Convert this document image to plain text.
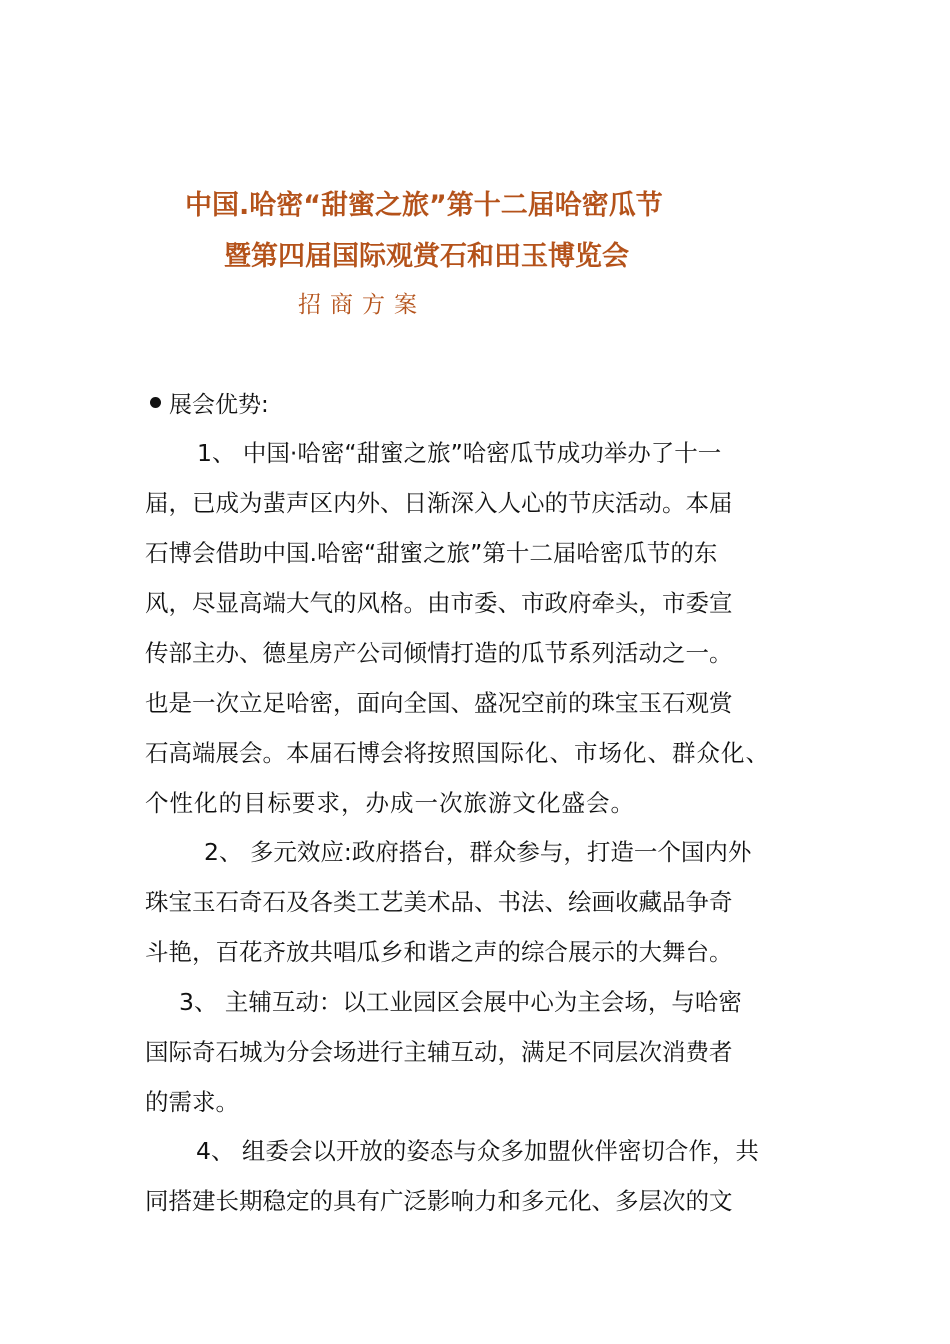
中国.哈密“甜蜜之旅”第十二届哈密瓜节
暨第四届国际观赏石和田玉博览会
招商方案
展会优势:
1、 中国·哈密“甜蜜之旅”哈密瓜节成功举办了十一
届，已成为蜚声区内外、日渐深入人心的节庆活动。本届
石博会借助中国.哈密“甜蜜之旅”第十二届哈密瓜节的东
风，尽显高端大气的风格。由市委、市政府牵头，市委宣
传部主办、德星房产公司倾情打造的瓜节系列活动之一。
也是一次立足哈密，面向全国、盛况空前的珠宝玉石观赏
石高端展会。本届石博会将按照国际化、市场化、群众化、
个性化的目标要求，办成一次旅游文化盛会。
2、 多元效应:政府搭台，群众参与，打造一个国内外
珠宝玉石奇石及各类工艺美术品、书法、绘画收藏品争奇
斗艳，百花齐放共唱瓜乡和谐之声的综合展示的大舞台。
3、 主辅互动：以工业园区会展中心为主会场，与哈密
国际奇石城为分会场进行主辅互动，满足不同层次消费者
的需求。
4、 组委会以开放的姿态与众多加盟伙伴密切合作，共
同搭建长期稳定的具有广泛影响力和多元化、多层次的文
